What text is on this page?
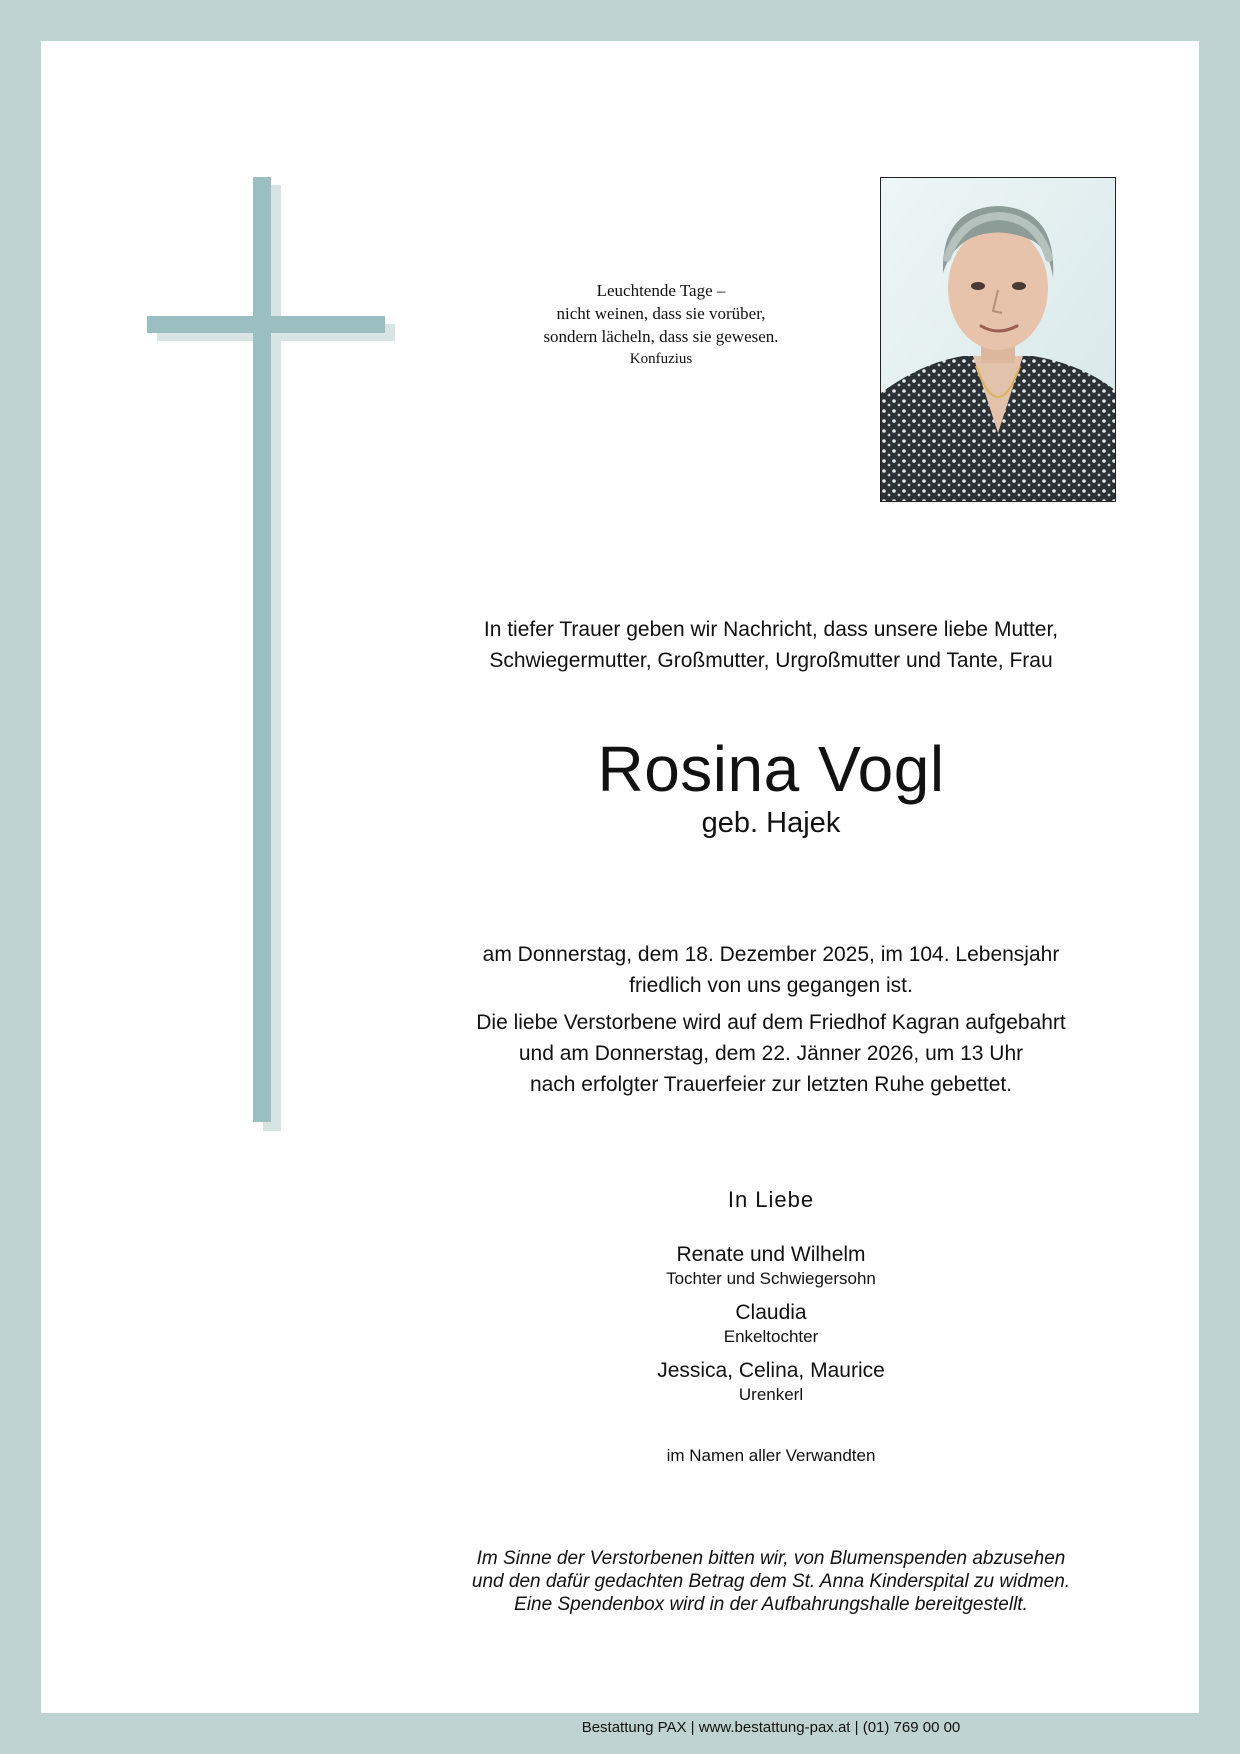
Leuchtende Tage –
nicht weinen, dass sie vorüber,
sondern lächeln, dass sie gewesen.
Konfuzius
In tiefer Trauer geben wir Nachricht, dass unsere liebe Mutter,
Schwiegermutter, Großmutter, Urgroßmutter und Tante, Frau
Rosina Vogl
geb. Hajek

am Donnerstag, dem 18. Dezember 2025, im 104. Lebensjahr
friedlich von uns gegangen ist.

Die liebe Verstorbene wird auf dem Friedhof Kagran aufgebahrt
und am Donnerstag, dem 22. Jänner 2026, um 13 Uhr
nach erfolgter Trauerfeier zur letzten Ruhe gebettet.

In Liebe
Renate und Wilhelm
Tochter und Schwiegersohn
Claudia
Enkeltochter
Jessica, Celina, Maurice
Urenkerl
im Namen aller Verwandten
Im Sinne der Verstorbenen bitten wir, von Blumenspenden abzusehen
und den dafür gedachten Betrag dem St. Anna Kinderspital zu widmen.
Eine Spendenbox wird in der Aufbahrungshalle bereitgestellt.
Bestattung PAX | www.bestattung-pax.at | (01) 769 00 00
